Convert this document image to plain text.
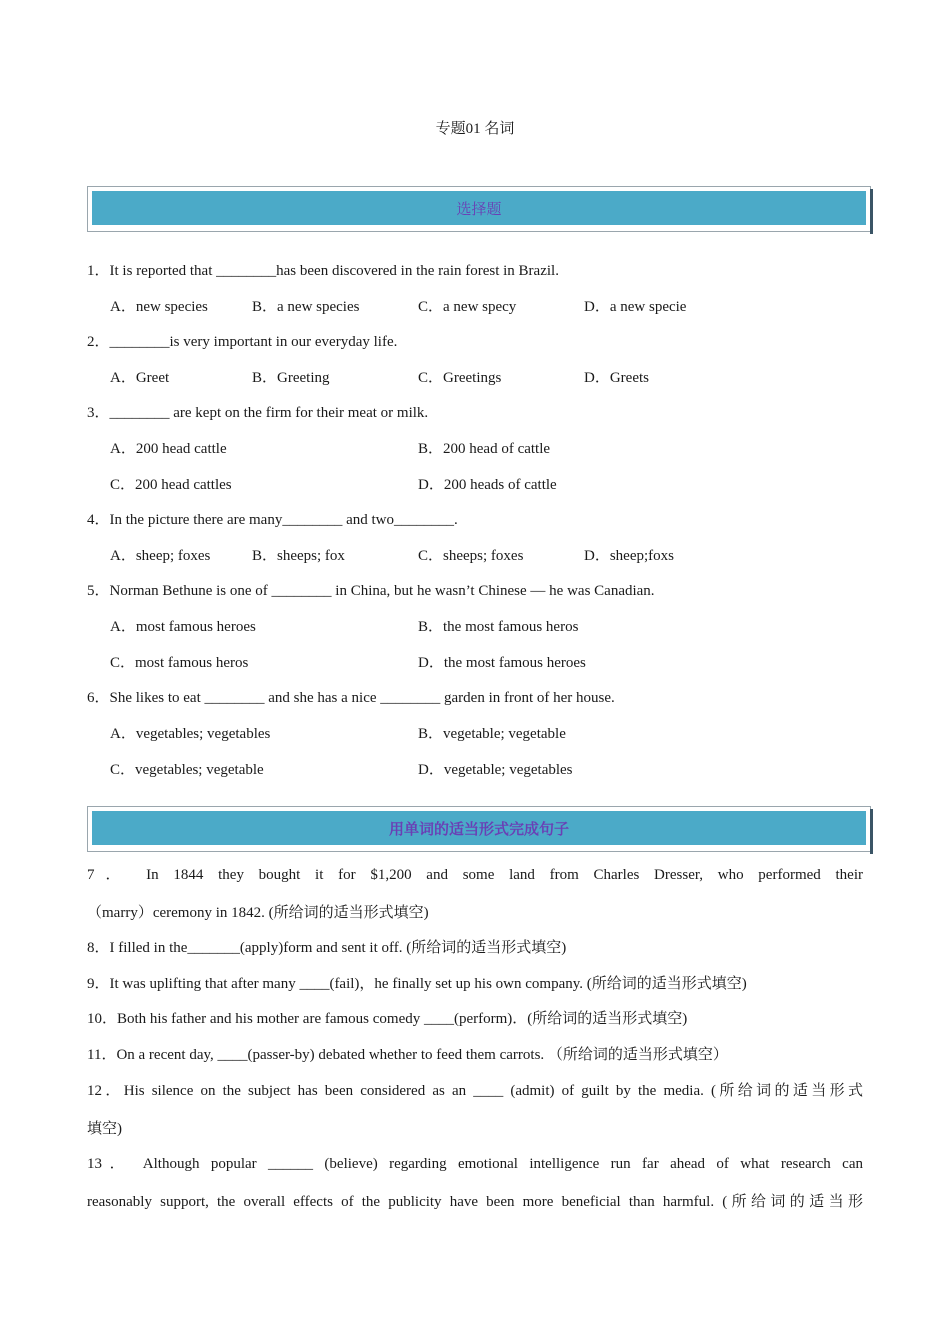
专题01 名词
选择题
1．It is reported that ________has been discovered in the rain forest in Brazil.
A．new species	B．a new species	C．a new specy	D．a new specie
2．________is very important in our everyday life.
A．Greet	B．Greeting	C．Greetings	D．Greets
3．________ are kept on the firm for their meat or milk.
A．200 head cattle	B．200 head of cattle
C．200 head cattles	D．200 heads of cattle
4．In the picture there are many________ and two________.
A．sheep; foxes	B．sheeps; fox	C．sheeps; foxes	D．sheep;foxs
5．Norman Bethune is one of ________ in China, but he wasn’t Chinese — he was Canadian.
A．most famous heroes	B．the most famous heros
C．most famous heros	D．the most famous heroes
6．She likes to eat ________ and she has a nice ________ garden in front of her house.
A．vegetables; vegetables	B．vegetable; vegetable
C．vegetables; vegetable	D．vegetable; vegetables
用单词的适当形式完成句子
7． In 1844 they bought it for $1,200 and some land from Charles Dresser, who performed their
（marry）ceremony in 1842. (所给词的适当形式填空)
8．I filled in the_______(apply)form and sent it off. (所给词的适当形式填空)
9．It was uplifting that after many ____(fail)，he finally set up his own company. (所给词的适当形式填空)
10．Both his father and his mother are famous comedy ____(perform)．(所给词的适当形式填空)
11．On a recent day, ____(passer-by) debated whether to feed them carrots. （所给词的适当形式填空）
12．His silence on the subject has been considered as an ____ (admit) of guilt by the media. (所给词的适当形式
填空)
13． Although popular ______ (believe) regarding emotional intelligence run far ahead of what research can
reasonably support, the overall effects of the publicity have been more beneficial than harmful. (所给词的适当形
